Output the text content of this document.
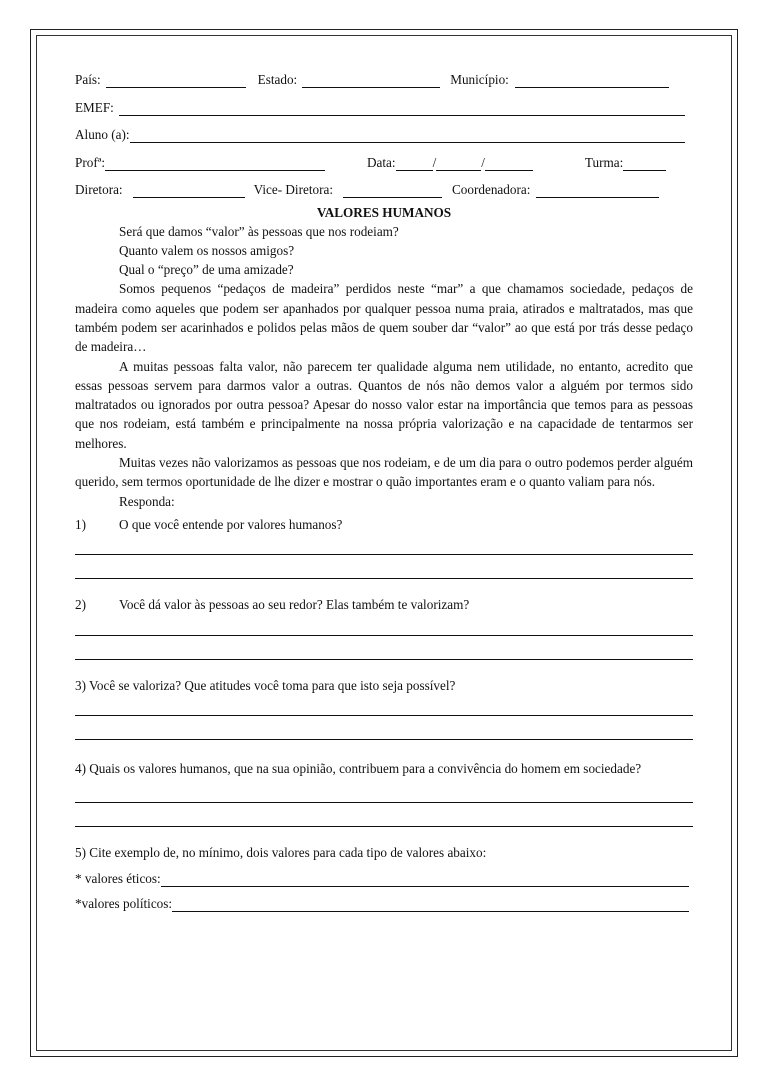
País:	Estado:	Município:
EMEF:
Aluno (a):
Profª:	Data:	/	/	Turma:
Diretora:	Vice- Diretora:	Coordenadora:
VALORES HUMANOS

Será que damos “valor” às pessoas que nos rodeiam?

Quanto valem os nossos amigos?

Qual o “preço” de uma amizade?

Somos pequenos “pedaços de madeira” perdidos neste “mar” a que chamamos sociedade, pedaços de madeira como aqueles que podem ser apanhados por qualquer pessoa numa praia, atirados e maltratados, mas que também podem ser acarinhados e polidos pelas mãos de quem souber dar “valor” ao que está por trás desse pedaço de madeira…

A muitas pessoas falta valor, não parecem ter qualidade alguma nem utilidade, no entanto, acredito que essas pessoas servem para darmos valor a outras. Quantos de nós não demos valor a alguém por termos sido maltratados ou ignorados por outra pessoa? Apesar do nosso valor estar na importância que temos para as pessoas que nos rodeiam, está também e principalmente na nossa própria valorização e na capacidade de tentarmos ser melhores.

Muitas vezes não valorizamos as pessoas que nos rodeiam, e de um dia para o outro podemos perder alguém querido, sem termos oportunidade de lhe dizer e mostrar o quão importantes eram e o quanto valiam para nós.

Responda:

1)	O que você entende por valores humanos?
2)	Você dá valor às pessoas ao seu redor? Elas também te valorizam?
3) Você se valoriza? Que atitudes você toma para que isto seja possível?
4) Quais os valores humanos, que na sua opinião, contribuem para a convivência do homem em sociedade?
5) Cite exemplo de, no mínimo, dois valores para cada tipo de valores abaixo:
* valores éticos:
*valores políticos:
